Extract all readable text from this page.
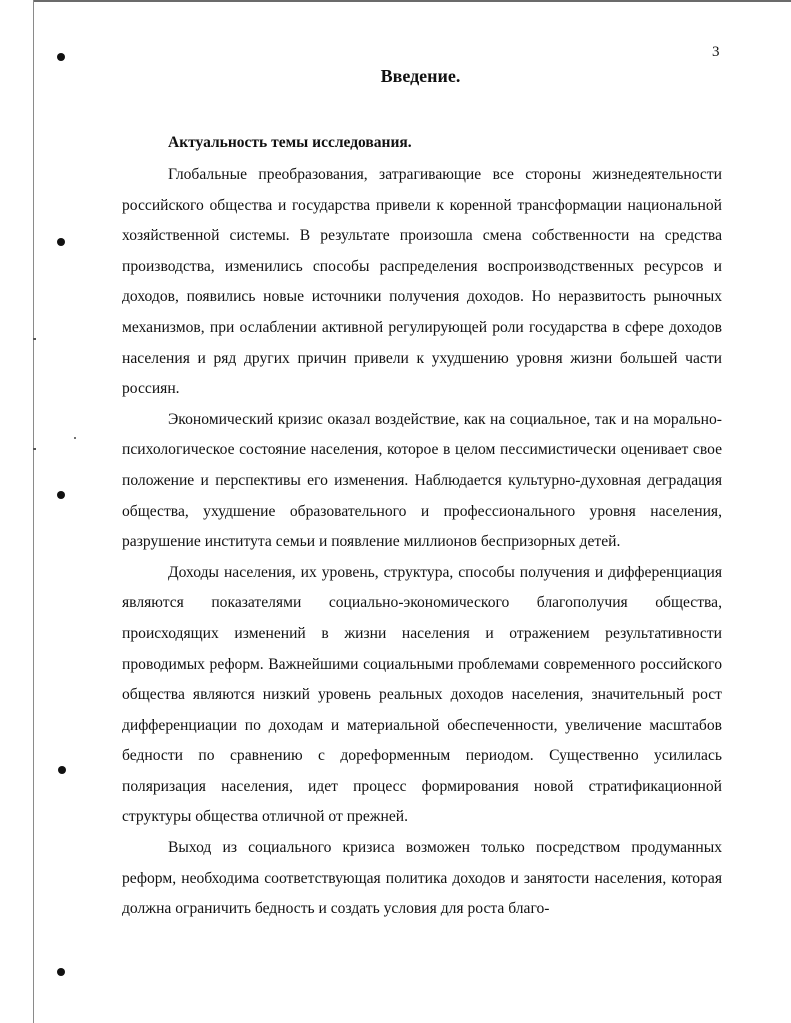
3
Введение.
Актуальность темы исследования.

Глобальные преобразования, затрагивающие все стороны жизнедеятельности российского общества и государства привели к коренной трансформации национальной хозяйственной системы. В результате произошла смена собственности на средства производства, изменились способы распределения воспроизводственных ресурсов и доходов, появились новые источники получения доходов. Но неразвитость рыночных механизмов, при ослаблении активной регулирующей роли государства в сфере доходов населения и ряд других причин привели к ухудшению уровня жизни большей части россиян.

Экономический кризис оказал воздействие, как на социальное, так и на морально-психологическое состояние населения, которое в целом пессимистически оценивает свое положение и перспективы его изменения. Наблюдается культурно-духовная деградация общества, ухудшение образовательного и профессионального уровня населения, разрушение института семьи и появление миллионов беспризорных детей.

Доходы населения, их уровень, структура, способы получения и дифференциация являются показателями социально-экономического благополучия общества, происходящих изменений в жизни населения и отражением результативности проводимых реформ. Важнейшими социальными проблемами современного российского общества являются низкий уровень реальных доходов населения, значительный рост дифференциации по доходам и материальной обеспеченности, увеличение масштабов бедности по сравнению с дореформенным периодом. Существенно усилилась поляризация населения, идет процесс формирования новой стратификационной структуры общества отличной от прежней.

Выход из социального кризиса возможен только посредством продуманных реформ, необходима соответствующая политика доходов и занятости населения, которая должна ограничить бедность и создать условия для роста благо-
